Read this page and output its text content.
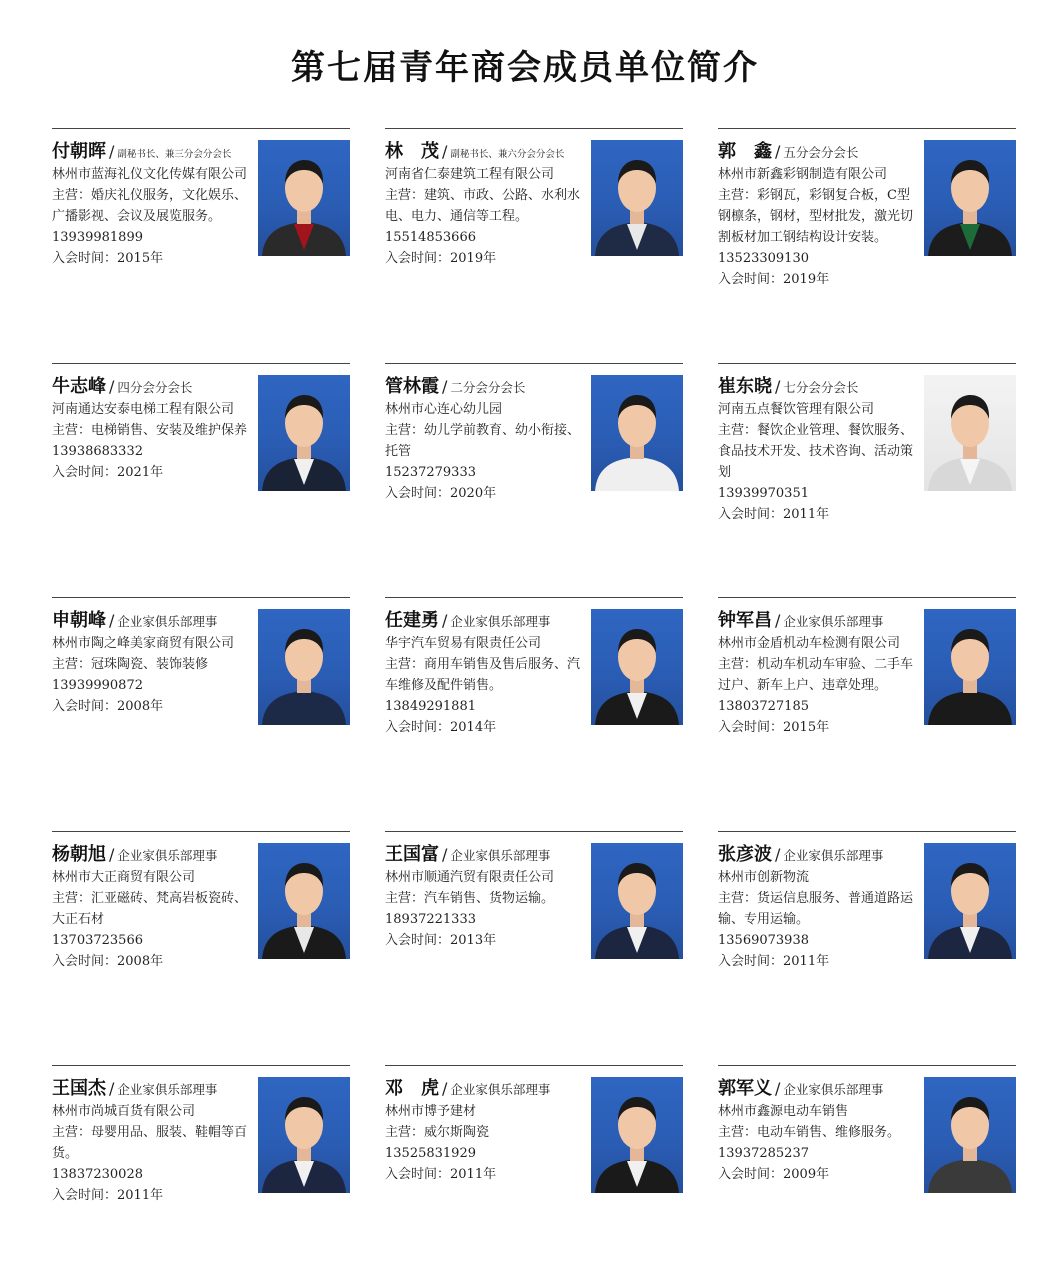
第七届青年商会成员单位简介
付朝晖 / 副秘书长、兼三分会分会长
林州市蓝海礼仪文化传媒有限公司
主营：婚庆礼仪服务，文化娱乐、广播影视、会议及展览服务。
13939981899
入会时间：2015年
林　茂 / 副秘书长、兼六分会分会长
河南省仁泰建筑工程有限公司
主营：建筑、市政、公路、水利水电、电力、通信等工程。
15514853666
入会时间：2019年
郭　鑫 / 五分会分会长
林州市新鑫彩钢制造有限公司
主营：彩钢瓦，彩钢复合板，C型钢檩条，钢材，型材批发，激光切割板材加工钢结构设计安装。
13523309130
入会时间：2019年
牛志峰 / 四分会分会长
河南通达安泰电梯工程有限公司
主营：电梯销售、安装及维护保养
13938683332
入会时间：2021年
管林霞 / 二分会分会长
林州市心连心幼儿园
主营：幼儿学前教育、幼小衔接、托管
15237279333
入会时间：2020年
崔东晓 / 七分会分会长
河南五点餐饮管理有限公司
主营：餐饮企业管理、餐饮服务、食品技术开发、技术咨询、活动策划
13939970351
入会时间：2011年
申朝峰 / 企业家俱乐部理事
林州市陶之峰美家商贸有限公司
主营：冠珠陶瓷、装饰装修
13939990872
入会时间：2008年
任建勇 / 企业家俱乐部理事
华宇汽车贸易有限责任公司
主营：商用车销售及售后服务、汽车维修及配件销售。
13849291881
入会时间：2014年
钟军昌 / 企业家俱乐部理事
林州市金盾机动车检测有限公司
主营：机动车机动车审验、二手车过户、新车上户、违章处理。
13803727185
入会时间：2015年
杨朝旭 / 企业家俱乐部理事
林州市大正商贸有限公司
主营：汇亚磁砖、梵高岩板瓷砖、大正石材
13703723566
入会时间：2008年
王国富 / 企业家俱乐部理事
林州市顺通汽贸有限责任公司
主营：汽车销售、货物运输。
18937221333
入会时间：2013年
张彦波 / 企业家俱乐部理事
林州市创新物流
主营：货运信息服务、普通道路运输、专用运输。
13569073938
入会时间：2011年
王国杰 / 企业家俱乐部理事
林州市尚城百货有限公司
主营：母婴用品、服装、鞋帽等百货。
13837230028
入会时间：2011年
邓　虎 / 企业家俱乐部理事
林州市博予建材
主营：威尔斯陶瓷
13525831929
入会时间：2011年
郭军义 / 企业家俱乐部理事
林州市鑫源电动车销售
主营：电动车销售、维修服务。
13937285237
入会时间：2009年
